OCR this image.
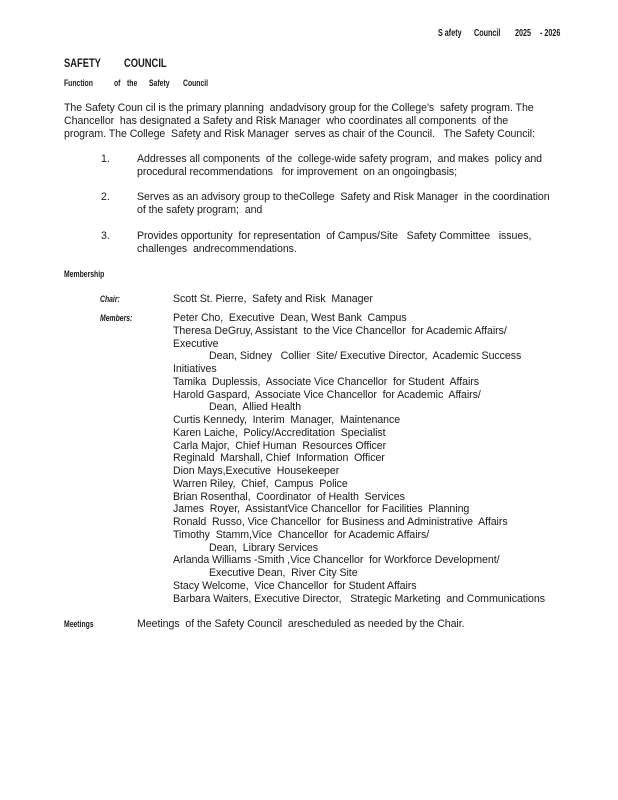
S afety Council 2025 - 2026
SAFETY COUNCIL
Function of the Safety Council
The Safety Coun cil is the primary planning  andadvisory group for the College's  safety program. The
Chancellor  has designated a Safety and Risk Manager  who coordinates all components  of the
program. The College  Safety and Risk Manager  serves as chair of the Council.   The Safety Council:
1.	Addresses all components  of the  college-wide safety program,  and makes  policy and
procedural recommendations   for improvement  on an ongoingbasis;
2.	Serves as an advisory group to theCollege  Safety and Risk Manager  in the coordination
of the safety program;  and
3.	Provides opportunity  for representation  of Campus/Site   Safety Committee   issues,
challenges  andrecommendations.
Membership
Chair:	Scott St. Pierre,  Safety and Risk  Manager
Members:	Peter Cho,  Executive  Dean, West Bank  Campus
Theresa DeGruy, Assistant  to the Vice Chancellor  for Academic Affairs/
Executive
Dean, Sidney   Collier  Site/ Executive Director,  Academic Success
Initiatives
Tamika  Duplessis,  Associate Vice Chancellor  for Student  Affairs
Harold Gaspard,  Associate Vice Chancellor  for Academic  Affairs/
Dean,  Allied Health
Curtis Kennedy,  Interim  Manager,  Maintenance
Karen Laiche,  Policy/Accreditation  Specialist
Carla Major,  Chief Human  Resources Officer
Reginald  Marshall, Chief  Information  Officer
Dion Mays,Executive  Housekeeper
Warren Riley,  Chief,  Campus  Police
Brian Rosenthal,  Coordinator  of Health  Services
James  Royer,  AssistantVice Chancellor  for Facilities  Planning
Ronald  Russo, Vice Chancellor  for Business and Administrative  Affairs
Timothy  Stamm,Vice  Chancellor  for Academic Affairs/
Dean,  Library Services
Arlanda Williams -Smith ,Vice Chancellor  for Workforce Development/
Executive Dean,  River City Site
Stacy Welcome,  Vice Chancellor  for Student Affairs
Barbara Waiters, Executive Director,   Strategic Marketing  and Communications
Meetings	Meetings  of the Safety Council  arescheduled as needed by the Chair.
